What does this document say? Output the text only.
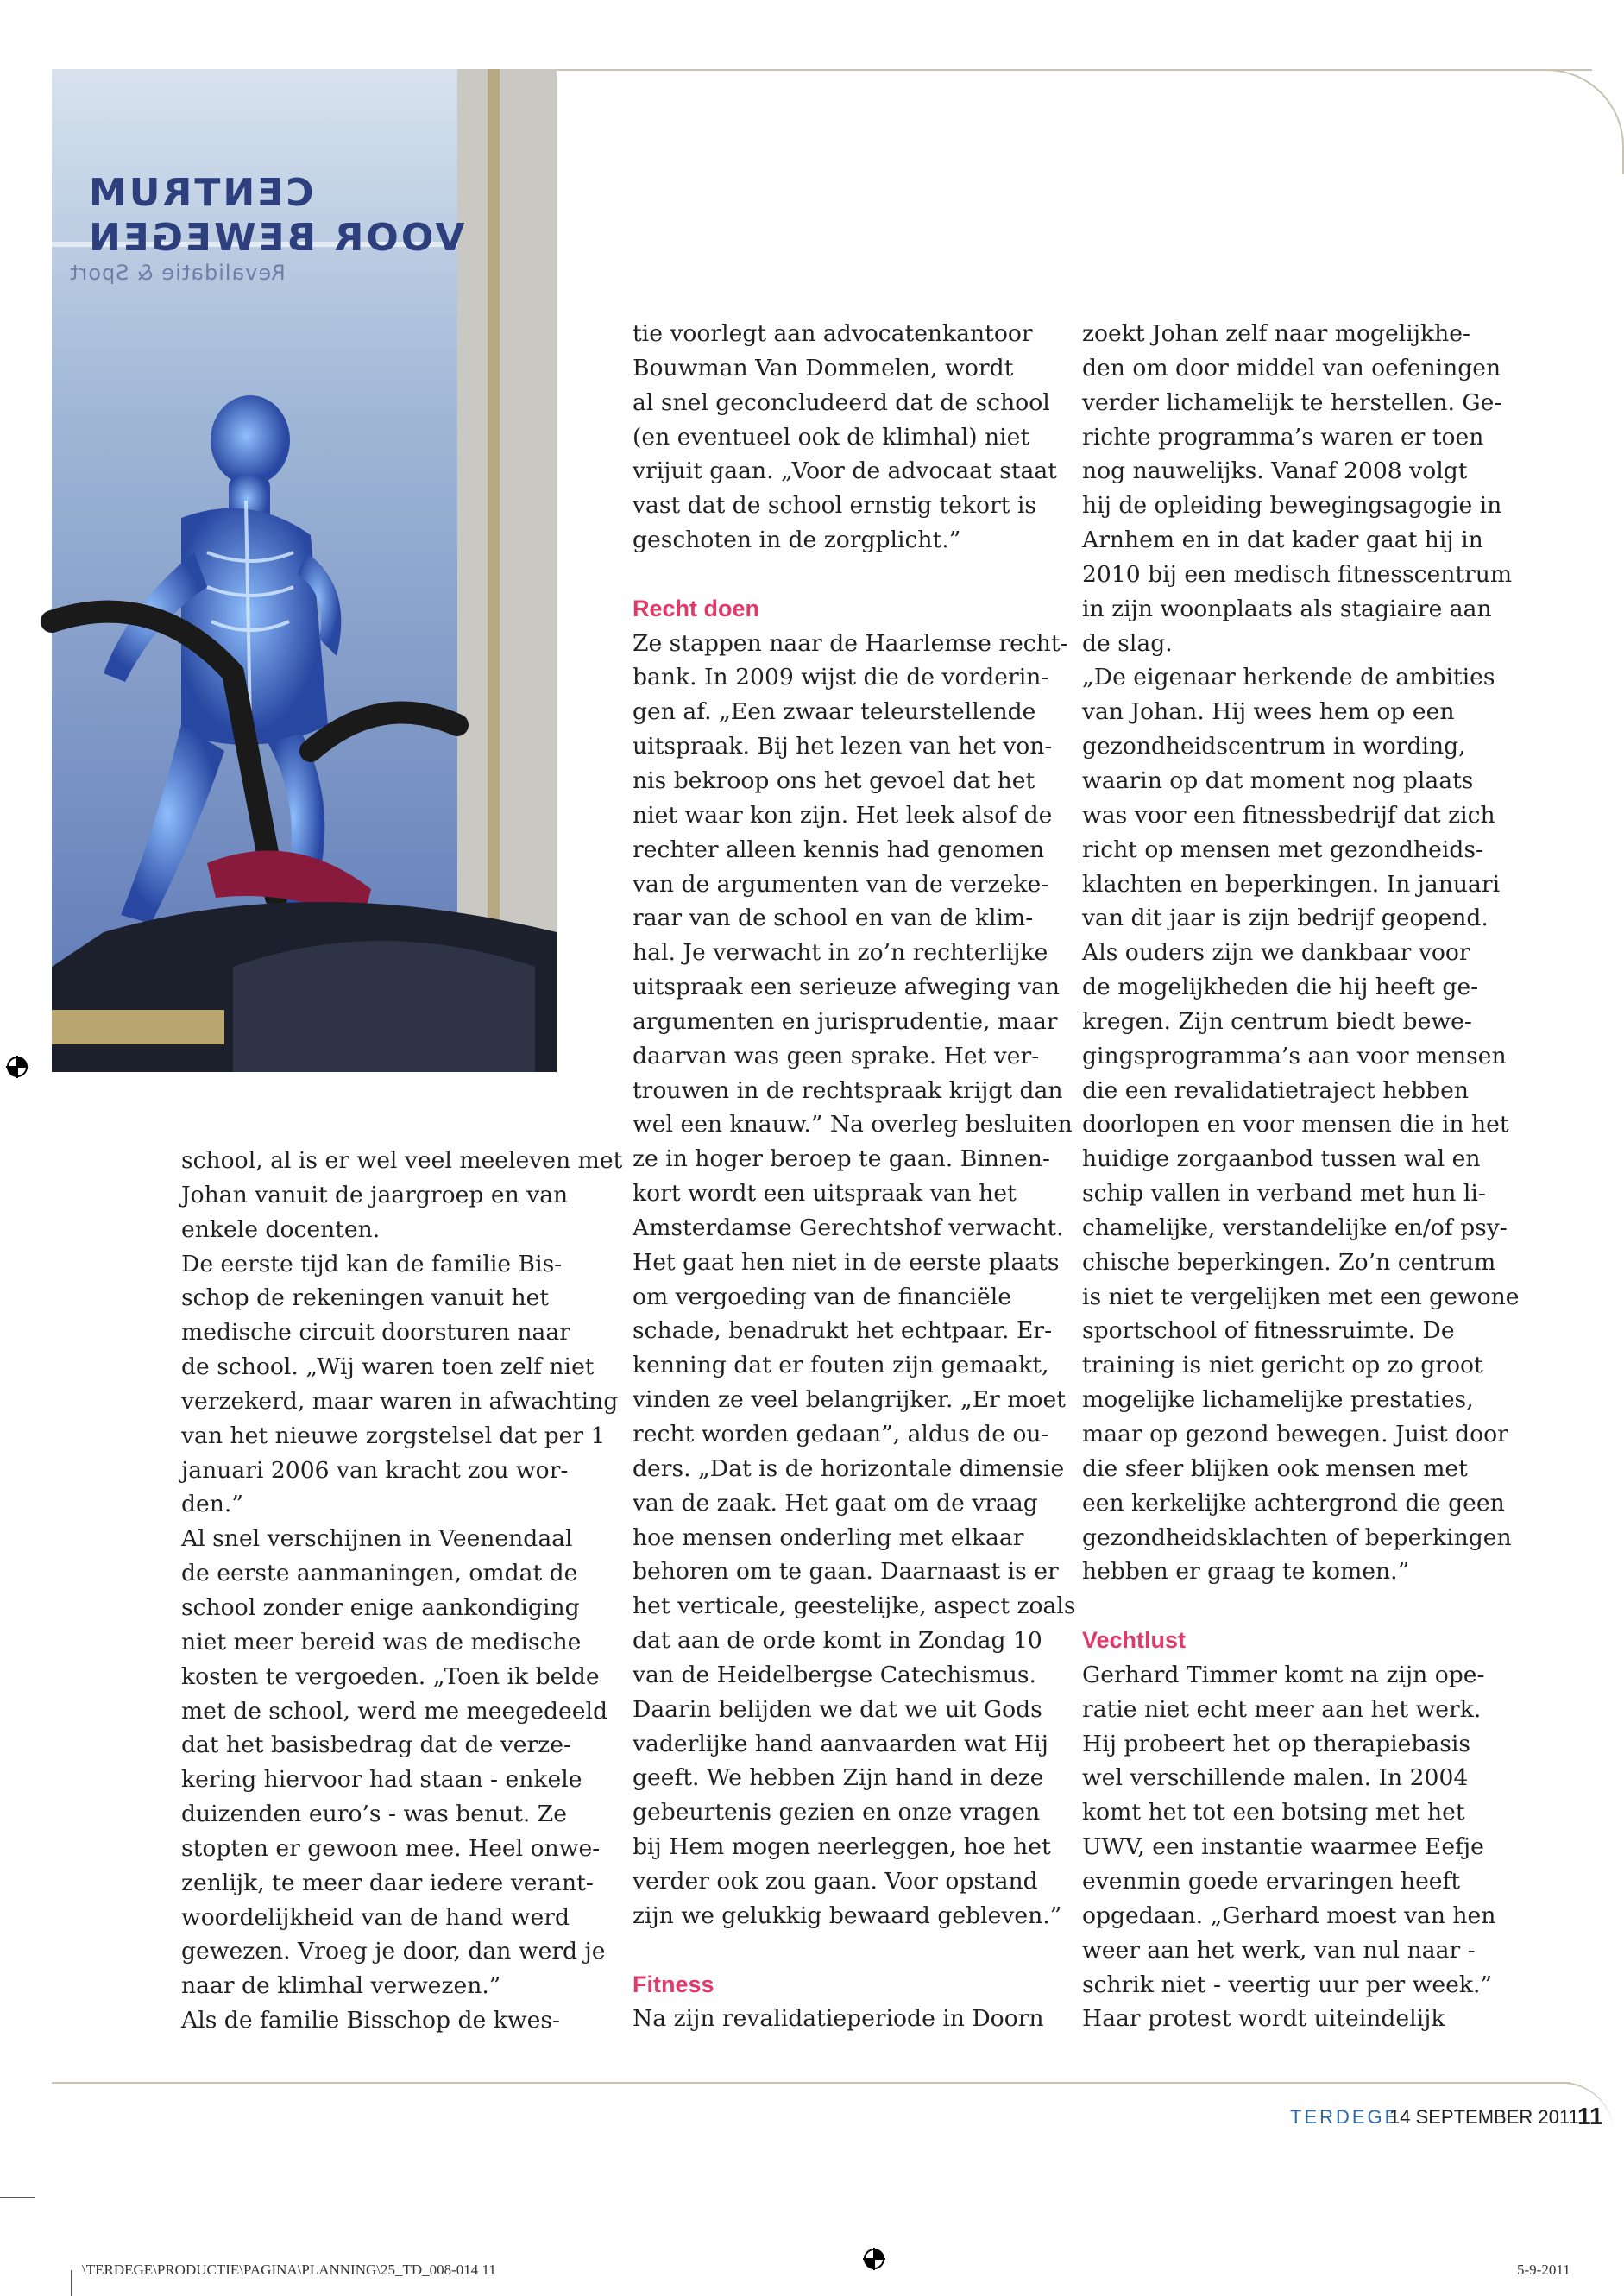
CENTRUM
VOOR BEWEGEN
Revalidatie & Sport

school, al is er wel veel meeleven met

Johan vanuit de jaargroep en van

enkele docenten.

De eerste tijd kan de familie Bis-

schop de rekeningen vanuit het

medische circuit doorsturen naar

de school. „Wij waren toen zelf niet

verzekerd, maar waren in afwachting

van het nieuwe zorgstelsel dat per 1

januari 2006 van kracht zou wor-

den.”

Al snel verschijnen in Veenendaal

de eerste aanmaningen, omdat de

school zonder enige aankondiging

niet meer bereid was de medische

kosten te vergoeden. „Toen ik belde

met de school, werd me meegedeeld

dat het basisbedrag dat de verze-

kering hiervoor had staan - enkele

duizenden euro’s - was benut. Ze

stopten er gewoon mee. Heel onwe-

zenlijk, te meer daar iedere verant-

woordelijkheid van de hand werd

gewezen. Vroeg je door, dan werd je

naar de klimhal verwezen.”

Als de familie Bisschop de kwes-

tie voorlegt aan advocatenkantoor

Bouwman Van Dommelen, wordt

al snel geconcludeerd dat de school

(en eventueel ook de klimhal) niet

vrijuit gaan. „Voor de advocaat staat

vast dat de school ernstig tekort is

geschoten in de zorgplicht.”

Recht doen

Ze stappen naar de Haarlemse recht-

bank. In 2009 wijst die de vorderin-

gen af. „Een zwaar teleurstellende

uitspraak. Bij het lezen van het von-

nis bekroop ons het gevoel dat het

niet waar kon zijn. Het leek alsof de

rechter alleen kennis had genomen

van de argumenten van de verzeke-

raar van de school en van de klim-

hal. Je verwacht in zo’n rechterlijke

uitspraak een serieuze afweging van

argumenten en jurisprudentie, maar

daarvan was geen sprake. Het ver-

trouwen in de rechtspraak krijgt dan

wel een knauw.” Na overleg besluiten

ze in hoger beroep te gaan. Binnen-

kort wordt een uitspraak van het

Amsterdamse Gerechtshof verwacht.

Het gaat hen niet in de eerste plaats

om vergoeding van de financiële

schade, benadrukt het echtpaar. Er-

kenning dat er fouten zijn gemaakt,

vinden ze veel belangrijker. „Er moet

recht worden gedaan”, aldus de ou-

ders. „Dat is de horizontale dimensie

van de zaak. Het gaat om de vraag

hoe mensen onderling met elkaar

behoren om te gaan. Daarnaast is er

het verticale, geestelijke, aspect zoals

dat aan de orde komt in Zondag 10

van de Heidelbergse Catechismus.

Daarin belijden we dat we uit Gods

vaderlijke hand aanvaarden wat Hij

geeft. We hebben Zijn hand in deze

gebeurtenis gezien en onze vragen

bij Hem mogen neerleggen, hoe het

verder ook zou gaan. Voor opstand

zijn we gelukkig bewaard gebleven.”

Fitness

Na zijn revalidatieperiode in Doorn

zoekt Johan zelf naar mogelijkhe-

den om door middel van oefeningen

verder lichamelijk te herstellen. Ge-

richte programma’s waren er toen

nog nauwelijks. Vanaf 2008 volgt

hij de opleiding bewegingsagogie in

Arnhem en in dat kader gaat hij in

2010 bij een medisch fitnesscentrum

in zijn woonplaats als stagiaire aan

de slag.

„De eigenaar herkende de ambities

van Johan. Hij wees hem op een

gezondheidscentrum in wording,

waarin op dat moment nog plaats

was voor een fitnessbedrijf dat zich

richt op mensen met gezondheids-

klachten en beperkingen. In januari

van dit jaar is zijn bedrijf geopend.

Als ouders zijn we dankbaar voor

de mogelijkheden die hij heeft ge-

kregen. Zijn centrum biedt bewe-

gingsprogramma’s aan voor mensen

die een revalidatietraject hebben

doorlopen en voor mensen die in het

huidige zorgaanbod tussen wal en

schip vallen in verband met hun li-

chamelijke, verstandelijke en/of psy-

chische beperkingen. Zo’n centrum

is niet te vergelijken met een gewone

sportschool of fitnessruimte. De

training is niet gericht op zo groot

mogelijke lichamelijke prestaties,

maar op gezond bewegen. Juist door

die sfeer blijken ook mensen met

een kerkelijke achtergrond die geen

gezondheidsklachten of beperkingen

hebben er graag te komen.”

Vechtlust

Gerhard Timmer komt na zijn ope-

ratie niet echt meer aan het werk.

Hij probeert het op therapiebasis

wel verschillende malen. In 2004

komt het tot een botsing met het

UWV, een instantie waarmee Eefje

evenmin goede ervaringen heeft

opgedaan. „Gerhard moest van hen

weer aan het werk, van nul naar -

schrik niet - veertig uur per week.”

Haar protest wordt uiteindelijk

TERDEGE
14 SEPTEMBER 2011
11
\TERDEGE\PRODUCTIE\PAGINA\PLANNING\25_TD_008-014 11	5-9-2011
